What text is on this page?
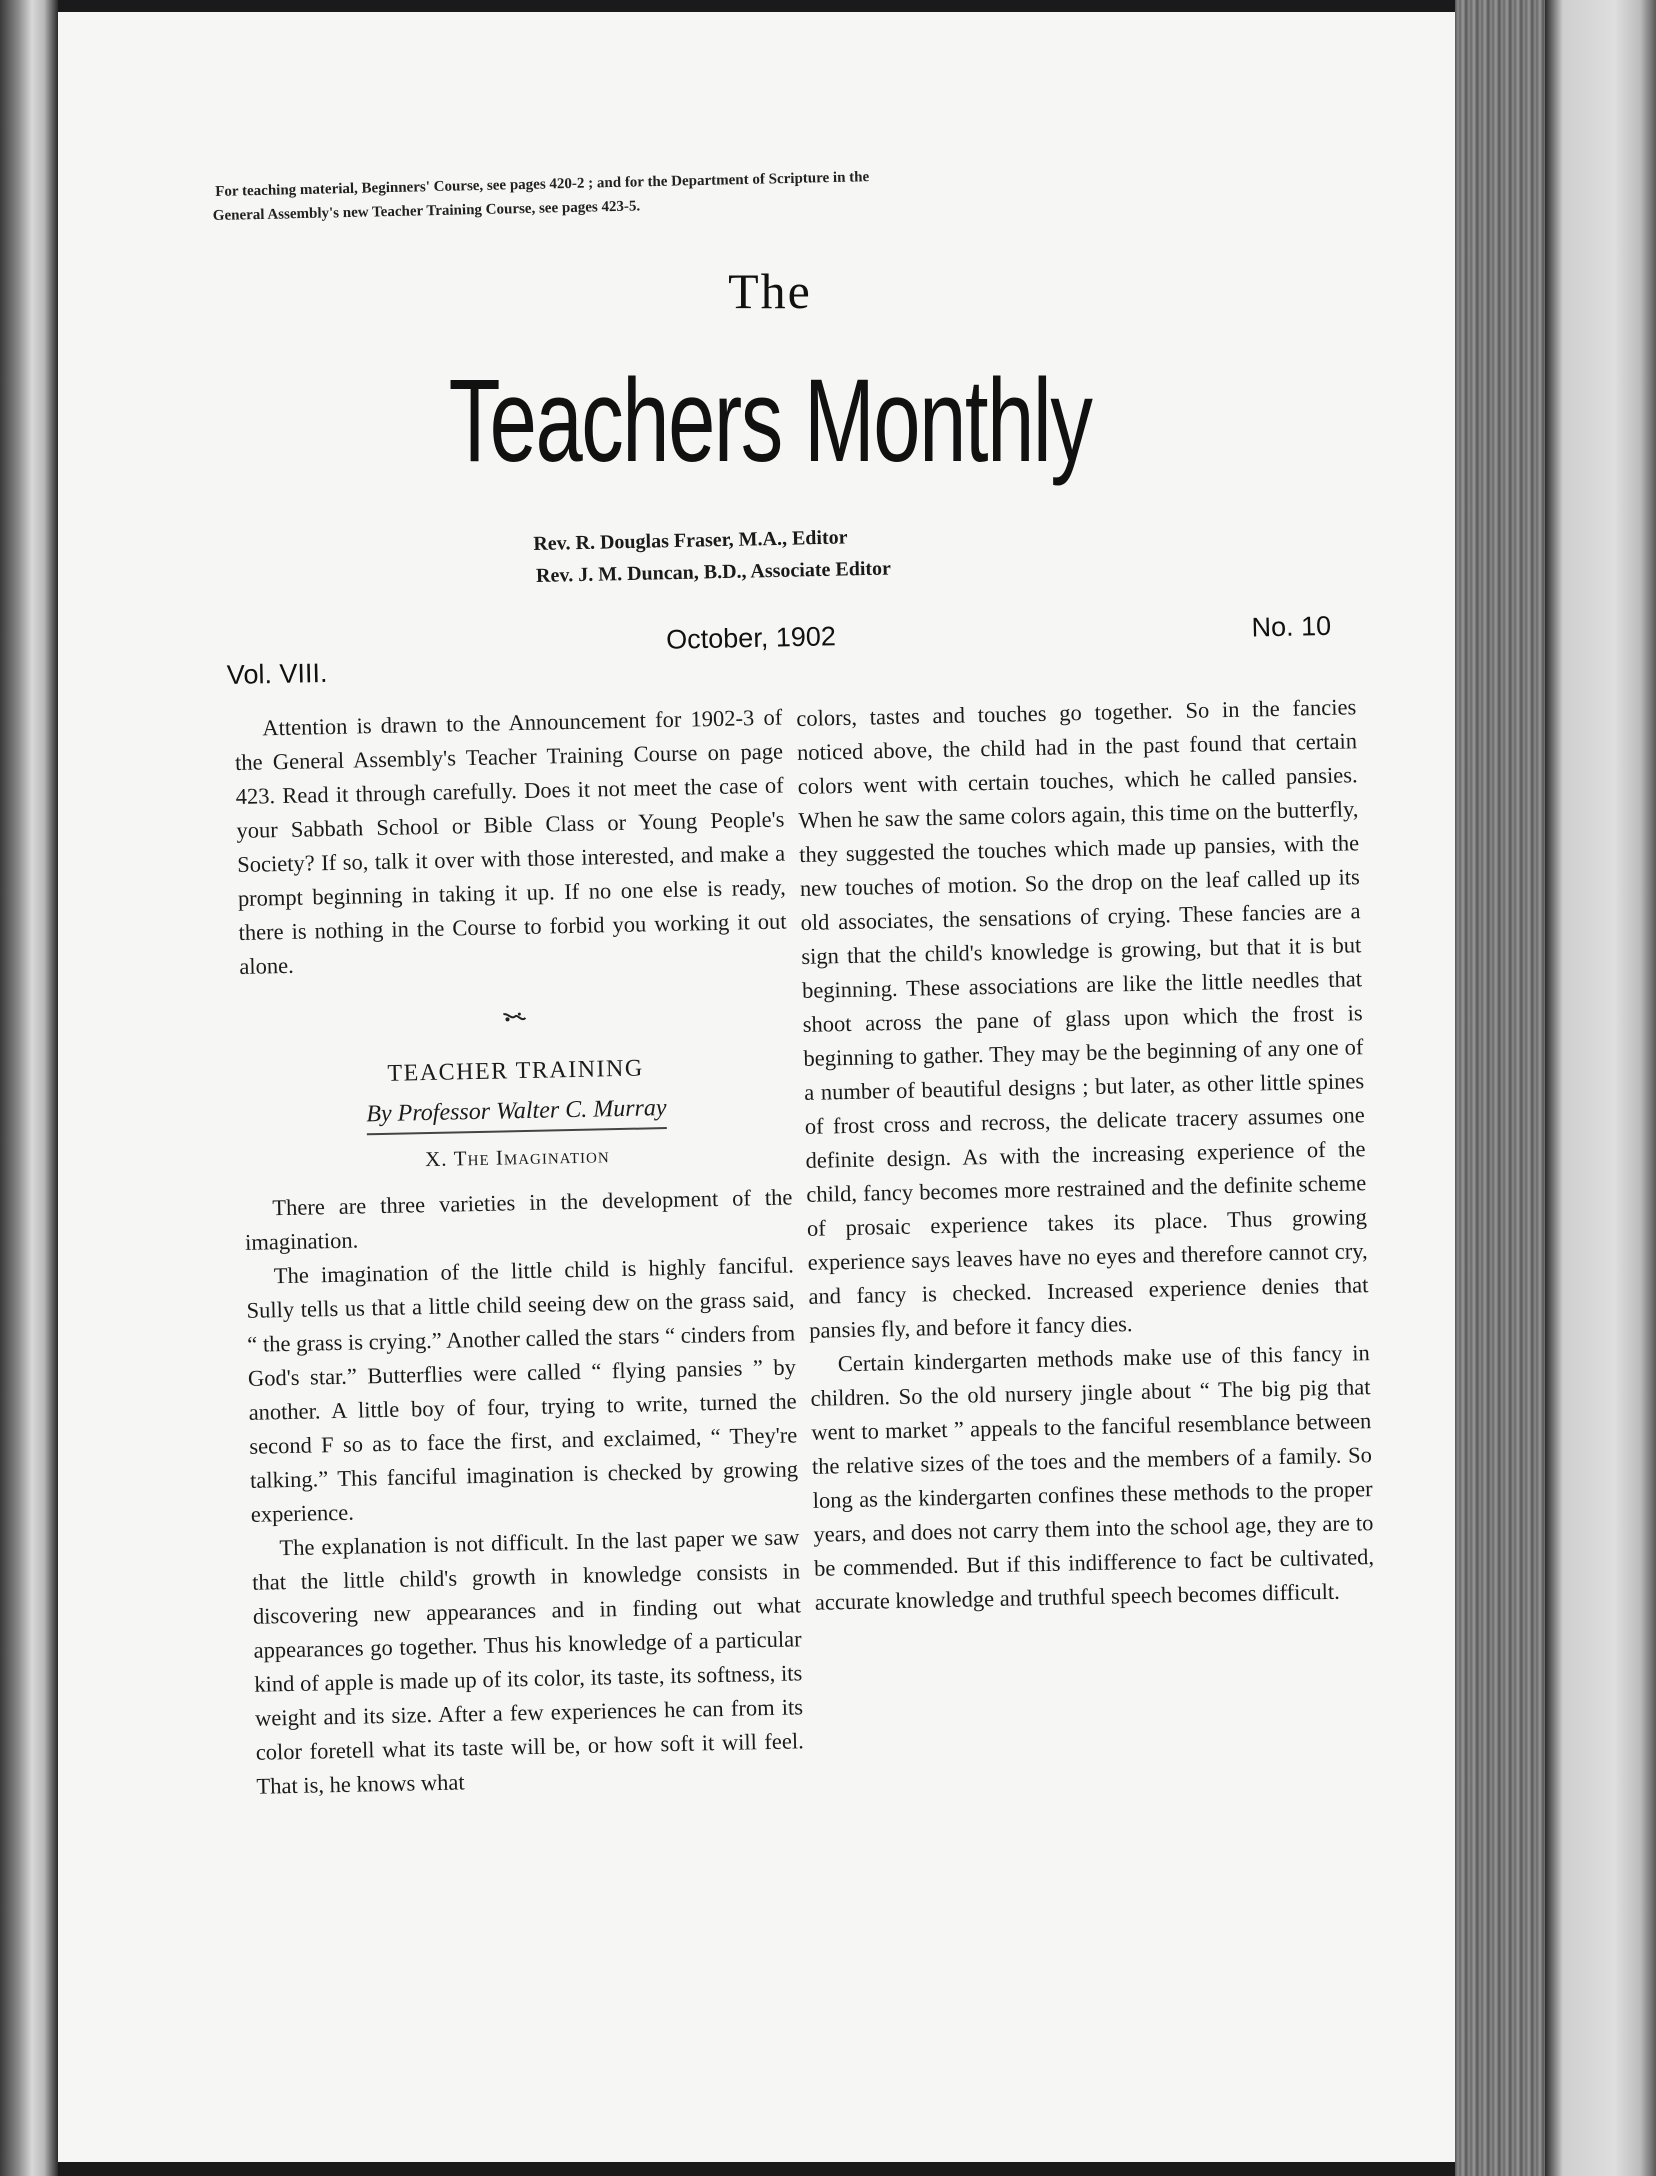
For teaching material, Beginners' Course, see pages 420-2 ; and for the Department of Scripture in the
General Assembly's new Teacher Training Course, see pages 423-5.
The
Teachers Monthly
Rev. R. Douglas Fraser, M.A., Editor
Rev. J. M. Duncan, B.D., Associate Editor
Vol. VIII.
October, 1902	No. 10

Attention is drawn to the Announcement for 1902-3 of the General Assembly's Teacher Training Course on page 423. Read it through carefully. Does it not meet the case of your Sabbath School or Bible Class or Young People's Society? If so, talk it over with those interested, and make a prompt beginning in taking it up. If no one else is ready, there is nothing in the Course to forbid you working it out alone.

TEACHER TRAINING
By Professor Walter C. Murray
X. The Imagination

There are three varieties in the development of the imagination.

The imagination of the little child is highly fanciful. Sully tells us that a little child seeing dew on the grass said, “ the grass is crying.” Another called the stars “ cinders from God's star.” Butterflies were called “ flying pansies ” by another. A little boy of four, trying to write, turned the second F so as to face the first, and exclaimed, “ They're talking.” This fanciful imagination is checked by growing experience.

The explanation is not difficult. In the last paper we saw that the little child's growth in knowledge consists in discovering new appearances and in finding out what appearances go together. Thus his knowledge of a particular kind of apple is made up of its color, its taste, its softness, its weight and its size. After a few experiences he can from its color foretell what its taste will be, or how soft it will feel. That is, he knows what

colors, tastes and touches go together. So in the fancies noticed above, the child had in the past found that certain colors went with certain touches, which he called pansies. When he saw the same colors again, this time on the butterfly, they suggested the touches which made up pansies, with the new touches of motion. So the drop on the leaf called up its old associates, the sensations of crying. These fancies are a sign that the child's knowledge is growing, but that it is but beginning. These associations are like the little needles that shoot across the pane of glass upon which the frost is beginning to gather. They may be the beginning of any one of a number of beautiful designs ; but later, as other little spines of frost cross and recross, the delicate tracery assumes one definite design. As with the increasing experience of the child, fancy becomes more restrained and the definite scheme of prosaic experience takes its place. Thus growing experience says leaves have no eyes and therefore cannot cry, and fancy is checked. Increased experience denies that pansies fly, and before it fancy dies.

Certain kindergarten methods make use of this fancy in children. So the old nursery jingle about “ The big pig that went to market ” appeals to the fanciful resemblance between the relative sizes of the toes and the members of a family. So long as the kindergarten confines these methods to the proper years, and does not carry them into the school age, they are to be commended. But if this indifference to fact be cultivated, accurate knowledge and truthful speech becomes difficult.
